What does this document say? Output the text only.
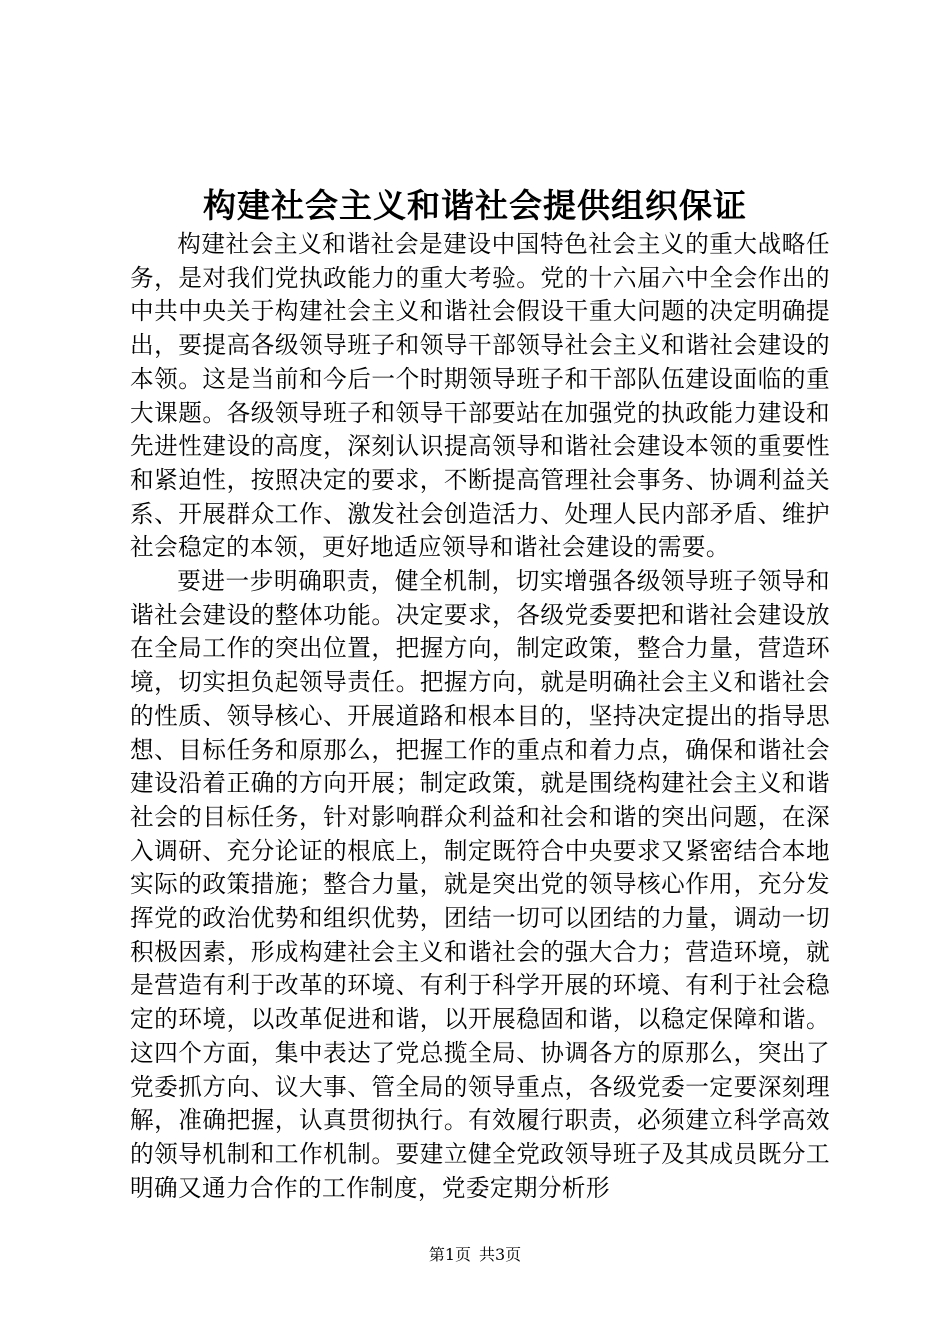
构建社会主义和谐社会提供组织保证

构建社会主义和谐社会是建设中国特色社会主义的重大战略任务，是对我们党执政能力的重大考验。党的十六届六中全会作出的中共中央关于构建社会主义和谐社会假设干重大问题的决定明确提出，要提高各级领导班子和领导干部领导社会主义和谐社会建设的本领。这是当前和今后一个时期领导班子和干部队伍建设面临的重大课题。各级领导班子和领导干部要站在加强党的执政能力建设和先进性建设的高度，深刻认识提高领导和谐社会建设本领的重要性和紧迫性，按照决定的要求，不断提高管理社会事务、协调利益关系、开展群众工作、激发社会创造活力、处理人民内部矛盾、维护社会稳定的本领，更好地适应领导和谐社会建设的需要。

要进一步明确职责，健全机制，切实增强各级领导班子领导和谐社会建设的整体功能。决定要求，各级党委要把和谐社会建设放在全局工作的突出位置，把握方向，制定政策，整合力量，营造环境，切实担负起领导责任。把握方向，就是明确社会主义和谐社会的性质、领导核心、开展道路和根本目的，坚持决定提出的指导思想、目标任务和原那么，把握工作的重点和着力点，确保和谐社会建设沿着正确的方向开展；制定政策，就是围绕构建社会主义和谐社会的目标任务，针对影响群众利益和社会和谐的突出问题，在深入调研、充分论证的根底上，制定既符合中央要求又紧密结合本地实际的政策措施；整合力量，就是突出党的领导核心作用，充分发挥党的政治优势和组织优势，团结一切可以团结的力量，调动一切积极因素，形成构建社会主义和谐社会的强大合力；营造环境，就是营造有利于改革的环境、有利于科学开展的环境、有利于社会稳定的环境，以改革促进和谐，以开展稳固和谐，以稳定保障和谐。这四个方面，集中表达了党总揽全局、协调各方的原那么，突出了党委抓方向、议大事、管全局的领导重点，各级党委一定要深刻理解，准确把握，认真贯彻执行。有效履行职责，必须建立科学高效的领导机制和工作机制。要建立健全党政领导班子及其成员既分工明确又通力合作的工作制度，党委定期分析形

第1页 共3页
